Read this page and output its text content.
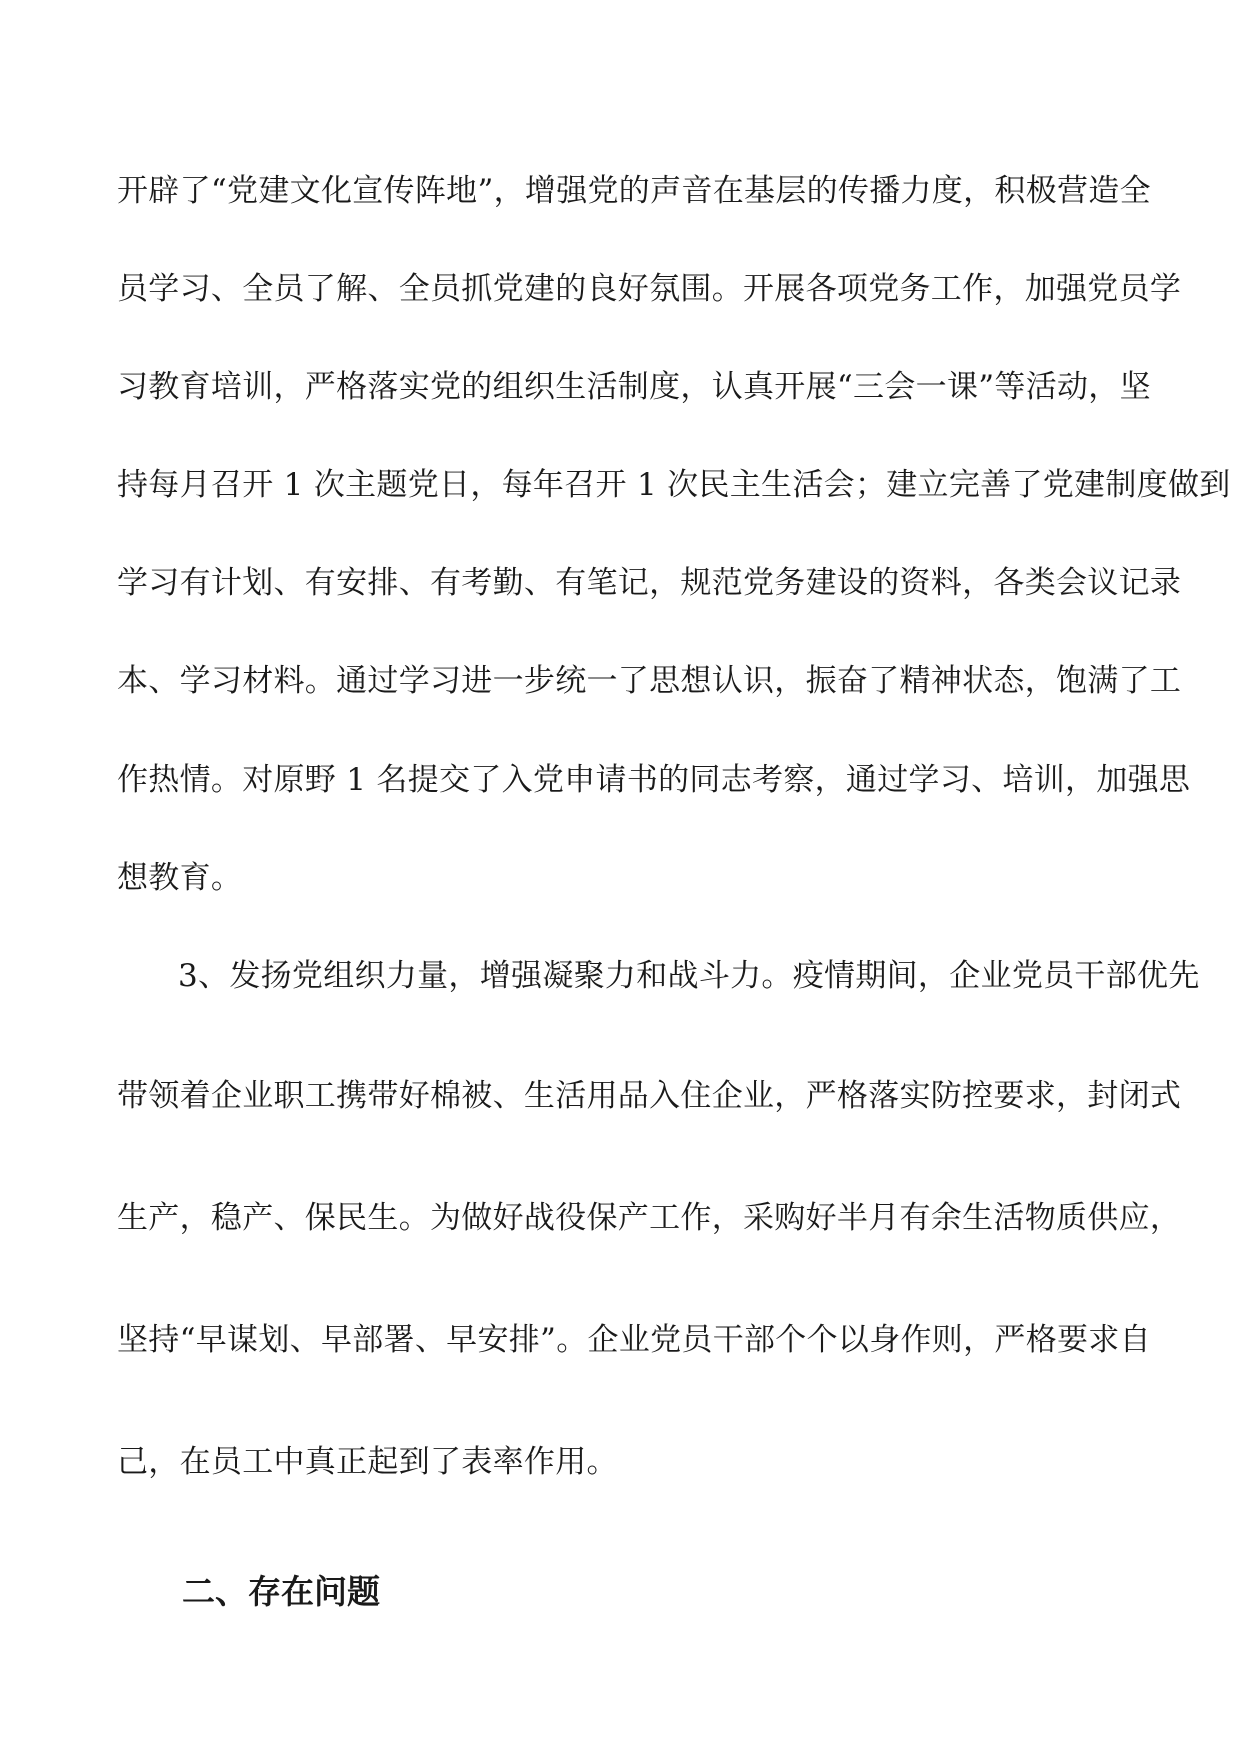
开辟了“党建文化宣传阵地”，增强党的声音在基层的传播力度，积极营造全
员学习、全员了解、全员抓党建的良好氛围。开展各项党务工作，加强党员学
习教育培训，严格落实党的组织生活制度，认真开展“三会一课”等活动，坚
持每月召开 1 次主题党日，每年召开 1 次民主生活会；建立完善了党建制度做到
学习有计划、有安排、有考勤、有笔记，规范党务建设的资料，各类会议记录
本、学习材料。通过学习进一步统一了思想认识，振奋了精神状态，饱满了工
作热情。对原野 1 名提交了入党申请书的同志考察，通过学习、培训，加强思
想教育。
3、发扬党组织力量，增强凝聚力和战斗力。疫情期间，企业党员干部优先
带领着企业职工携带好棉被、生活用品入住企业，严格落实防控要求，封闭式
生产，稳产、保民生。为做好战役保产工作，采购好半月有余生活物质供应，
坚持“早谋划、早部署、早安排”。企业党员干部个个以身作则，严格要求自
己，在员工中真正起到了表率作用。
二、存在问题
